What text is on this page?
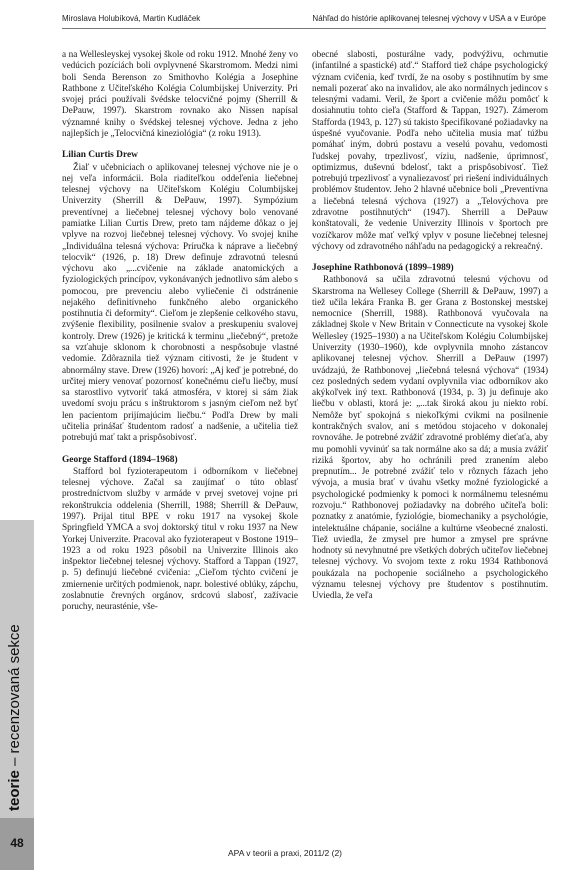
Miroslava Holubíková, Martin Kudláček	Náhľad do histórie aplikovanej telesnej výchovy v USA a v Európe
teorie – recenzovaná sekce
48

a na Wellesleyskej vysokej škole od roku 1912. Mnohé ženy vo vedúcich pozíciách boli ovplyvnené Skarstromom. Medzi nimi boli Senda Berenson zo Smithovho Kolégia a Josephine Rathbone z Učiteľského Kolégia Columbijskej Univerzity. Pri svojej práci používali švédske telocvičné pojmy (Sherrill & DePauw, 1997). Skarstrom rovnako ako Nissen napísal významné knihy o švédskej telesnej výchove. Jedna z jeho najlepších je „Telocvičná kineziológia“ (z roku 1913).

Lilian Curtis Drew

Žiaľ v učebniciach o aplikovanej telesnej výchove nie je o nej veľa informácii. Bola riaditeľkou oddeľenia liečebnej telesnej výchovy na Učiteľskom Kolégiu Columbijskej Univerzity (Sherrill & DePauw, 1997). Sympózium preventívnej a liečebnej telesnej výchovy bolo venované pamiatke Lilian Curtis Drew, preto tam nájdeme dôkaz o jej vplyve na rozvoj liečebnej telesnej výchovy. Vo svojej knihe „Individuálna telesná výchova: Príručka k náprave a liečebný telocvik“ (1926, p. 18) Drew definuje zdravotnú telesnú výchovu ako „...cvičenie na základe anatomických a fyziologických princípov, vykonávaných jednotlivo sám alebo s pomocou, pre prevenciu alebo vyliečenie či odstránenie nejakého definitívneho funkčného alebo organického postihnutia či deformity“. Cieľom je zlepšenie celkového stavu, zvýšenie flexibility, posilnenie svalov a preskupeniu svalovej kontroly. Drew (1926) je kritická k terminu „liečebný“, pretože sa vzťahuje sklonom k chorobnosti a nespôsobuje vlastné vedomie. Zdôraznila tiež význam citivosti, že je študent v abnormálny stave. Drew (1926) hovorí: „Aj keď je potrebné, do určitej miery venovať pozornosť konečnému cieľu liečby, musí sa starostlivo vytvoriť taká atmosféra, v ktorej si sám žiak uvedomí svoju prácu s inštruktorom s jasným cieľom než byť len pacientom prijímajúcim liečbu.“ Podľa Drew by mali učitelia prinášať študentom radosť a nadšenie, a učitelia tiež potrebujú mať takt a prispôsobivosť.

George Stafford (1894–1968)

Stafford bol fyzioterapeutom i odborníkom v liečebnej telesnej výchove. Začal sa zaujímať o túto oblasť prostredníctvom služby v armáde v prvej svetovej vojne pri rekonštrukcia oddelenia (Sherrill, 1988; Sherrill & DePauw, 1997). Prijal titul BPE v roku 1917 na vysokej škole Springfield YMCA a svoj doktorský titul v roku 1937 na New Yorkej Univerzite. Pracoval ako fyzioterapeut v Bostone 1919–1923 a od roku 1923 pôsobil na Univerzite Illinois ako inšpektor liečebnej telesnej výchovy. Stafford a Tappan (1927, p. 5) definujú liečebné cvičenia: „Cieľom týchto cvičení je zmiernenie určitých podmienok, napr. bolestivé oblúky, zápchu, zoslabnutie črevných orgánov, srdcovú slabosť, zažívacie poruchy, neurasténie, vše-

obecné slabosti, posturálne vady, podvýživu, ochrnutie (infantilné a spastické) atď.“ Stafford tiež chápe psychologický význam cvičenia, keď tvrdí, že na osoby s postihnutím by sme nemali pozerať ako na invalidov, ale ako normálnych jedincov s telesnými vadami. Veril, že šport a cvičenie môžu pomôcť k dosiahnutiu tohto cieľa (Stafford & Tappan, 1927). Zámerom Stafforda (1943, p. 127) sú takisto špecifikované požiadavky na úspešné vyučovanie. Podľa neho učitelia musia mať túžbu pomáhať iným, dobrú postavu a veselú povahu, vedomosti ľudskej povahy, trpezlivosť, víziu, nadšenie, úprimnosť, optimizmus, duševnú bdelosť, takt a prispôsobivosť. Tiež potrebujú trpezlivosť a vynaliezavosť pri riešení individuálnych problémov študentov. Jeho 2 hlavné učebnice boli „Preventívna a liečebná telesná výchova (1927) a „Telovýchova pre zdravotne postihnutých“ (1947). Sherrill a DePauw konštatovali, že vedenie Univerzity Illinois v športoch pre vozíčkarov môže mať veľký vplyv v posune liečebnej telesnej výchovy od zdravotného náhľadu na pedagogický a rekreačný.

Josephine Rathbonová (1899–1989)

Rathbonová sa učila zdravotnú telesnú výchovu od Skarstroma na Wellesey College (Sherrill & DePauw, 1997) a tiež učila lekára Franka B. ger Grana z Bostonskej mestskej nemocnice (Sherrill, 1988). Rathbonová vyučovala na základnej škole v New Britain v Connecticute na vysokej škole Wellesley (1925–1930) a na Učiteľskom Kolégiu Columbijskej Univerzity (1930–1960), kde ovplyvnila mnoho zástancov aplikovanej telesnej výchov. Sherrill a DePauw (1997) uvádzajú, že Rathbonovej „liečebná telesná výchova“ (1934) cez posledných sedem vydaní ovplyvnila viac odborníkov ako akýkoľvek iný text. Rathbonová (1934, p. 3) ju definuje ako liečbu v oblasti, ktorá je: „...tak široká akou ju niekto robí. Nemôže byť spokojná s niekoľkými cvikmi na posilnenie kontrakčných svalov, ani s metódou stojaceho v dokonalej rovnováhe. Je potrebné zvážiť zdravotné problémy dieťaťa, aby mu pomohli vyvinúť sa tak normálne ako sa dá; a musia zvážiť riziká športov, aby ho ochránili pred zranením alebo prepnutím... Je potrebné zvážiť telo v rôznych fázach jeho vývoja, a musia brať v úvahu všetky možné fyziologické a psychologické podmienky k pomoci k normálnemu telesnému rozvoju.“ Rathbonovej požiadavky na dobrého učiteľa boli: poznatky z anatómie, fyziológie, biomechaniky a psychológie, intelektuálne chápanie, sociálne a kultúrne všeobecné znalosti. Tiež uviedla, že zmysel pre humor a zmysel pre správne hodnoty sú nevyhnutné pre všetkých dobrých učiteľov liečebnej telesnej výchovy. Vo svojom texte z roku 1934 Rathbonová poukázala na pochopenie sociálneho a psychologického významu telesnej výchovy pre študentov s postihnutím. Uviedla, že veľa

APA v teorii a praxi, 2011/2 (2)
